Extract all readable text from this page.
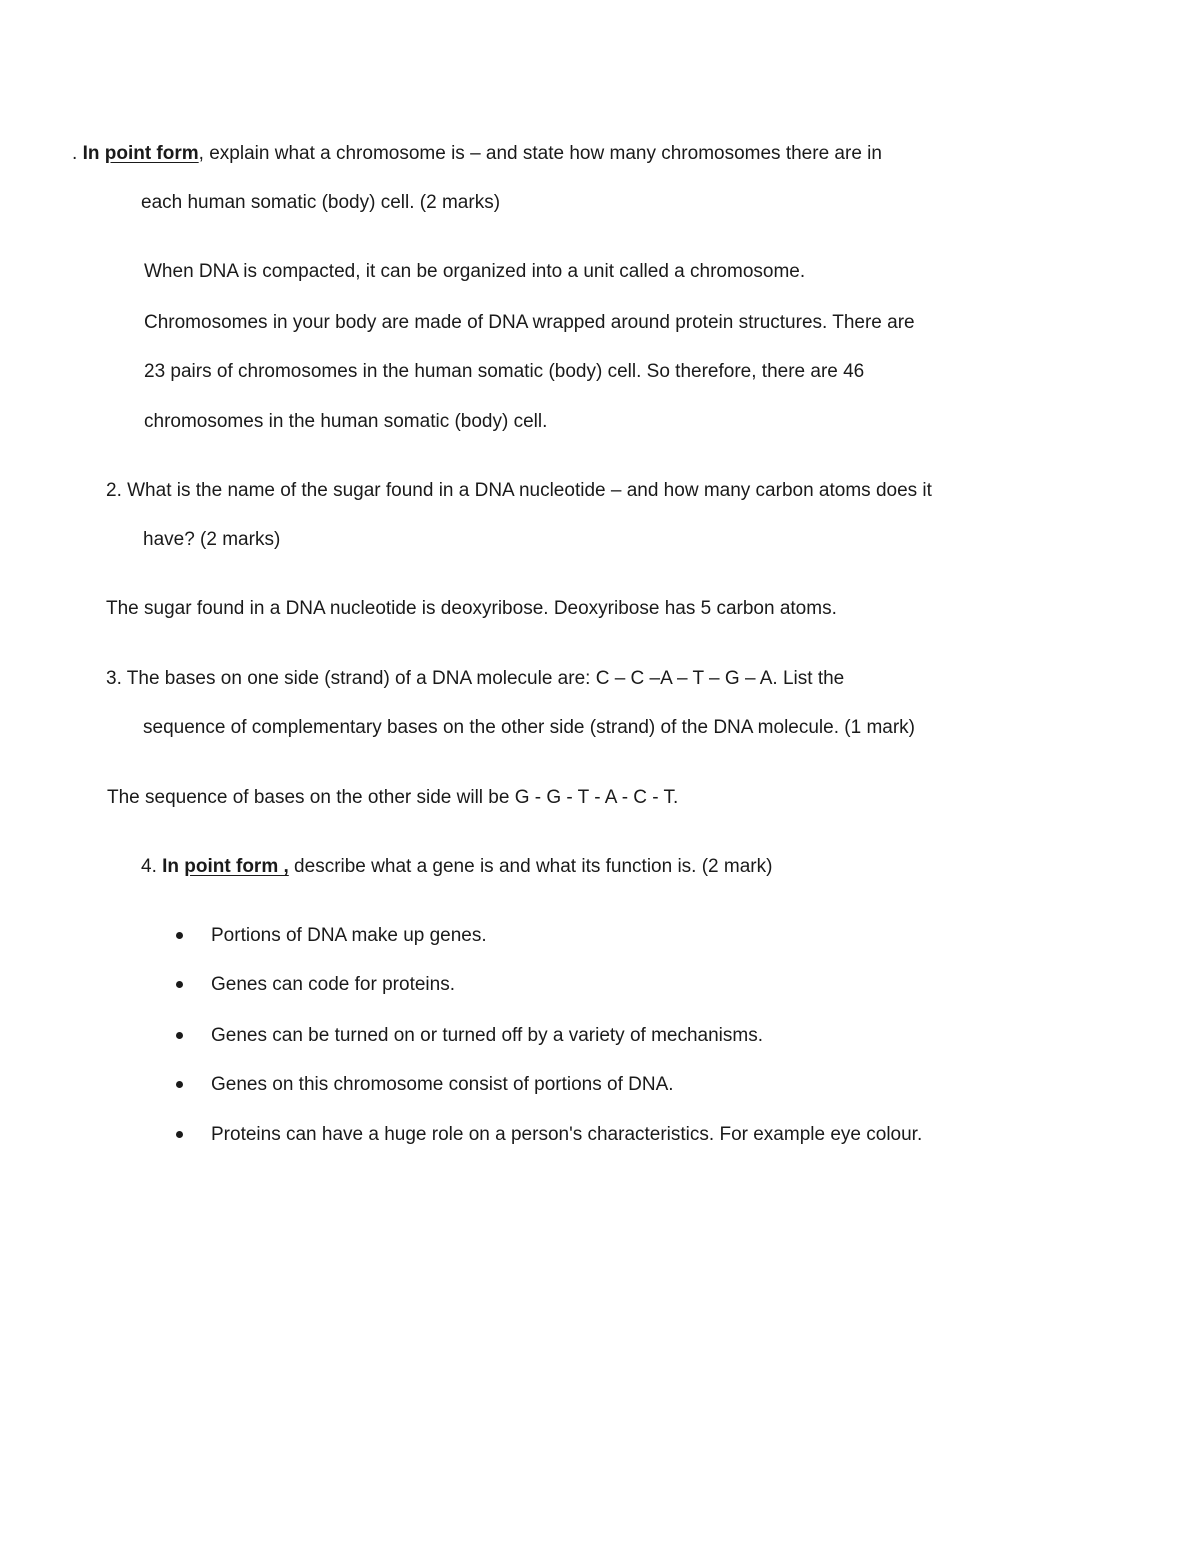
. In point form, explain what a chromosome is – and state how many chromosomes there are in
each human somatic (body) cell. (2 marks)
When DNA is compacted, it can be organized into a unit called a chromosome.
Chromosomes in your body are made of DNA wrapped around protein structures. There are
23 pairs of chromosomes in the human somatic (body) cell. So therefore, there are 46
chromosomes in the human somatic (body) cell.
2. What is the name of the sugar found in a DNA nucleotide – and how many carbon atoms does it
have? (2 marks)
The sugar found in a DNA nucleotide is deoxyribose. Deoxyribose has 5 carbon atoms.
3. The bases on one side (strand) of a DNA molecule are: C – C –A – T – G – A. List the
sequence of complementary bases on the other side (strand) of the DNA molecule. (1 mark)
The sequence of bases on the other side will be G - G - T - A - C - T.
4. In point form , describe what a gene is and what its function is. (2 mark)
Portions of DNA make up genes.
Genes can code for proteins.
Genes can be turned on or turned off by a variety of mechanisms.
Genes on this chromosome consist of portions of DNA.
Proteins can have a huge role on a person's characteristics. For example eye colour.
